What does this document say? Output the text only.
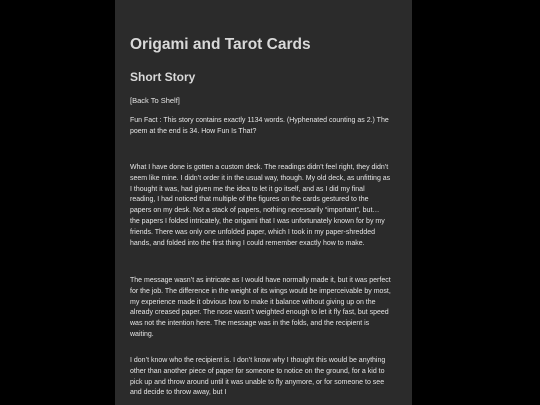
Origami and Tarot Cards
Short Story
[Back To Shelf]

Fun Fact : This story contains exactly 1134 words. (Hyphenated counting as 2.) The poem at the end is 34. How Fun Is That?

What I have done is gotten a custom deck. The readings didn’t feel right, they didn’t seem like mine. I didn’t order it in the usual way, though. My old deck, as unfitting as I thought it was, had given me the idea to let it go itself, and as I did my final reading, I had noticed that multiple of the figures on the cards gestured to the papers on my desk. Not a stack of papers, nothing necessarily “important”, but… the papers I folded intricately, the origami that I was unfortunately known for by my friends. There was only one unfolded paper, which I took in my paper-shredded hands, and folded into the first thing I could remember exactly how to make.

The message wasn’t as intricate as I would have normally made it, but it was perfect for the job. The difference in the weight of its wings would be imperceivable by most, my experience made it obvious how to make it balance without giving up on the already creased paper. The nose wasn’t weighted enough to let it fly fast, but speed was not the intention here. The message was in the folds, and the recipient is waiting.

I don’t know who the recipient is. I don’t know why I thought this would be anything other than another piece of paper for someone to notice on the ground, for a kid to pick up and throw around until it was unable to fly anymore, or for someone to see and decide to throw away, but I
